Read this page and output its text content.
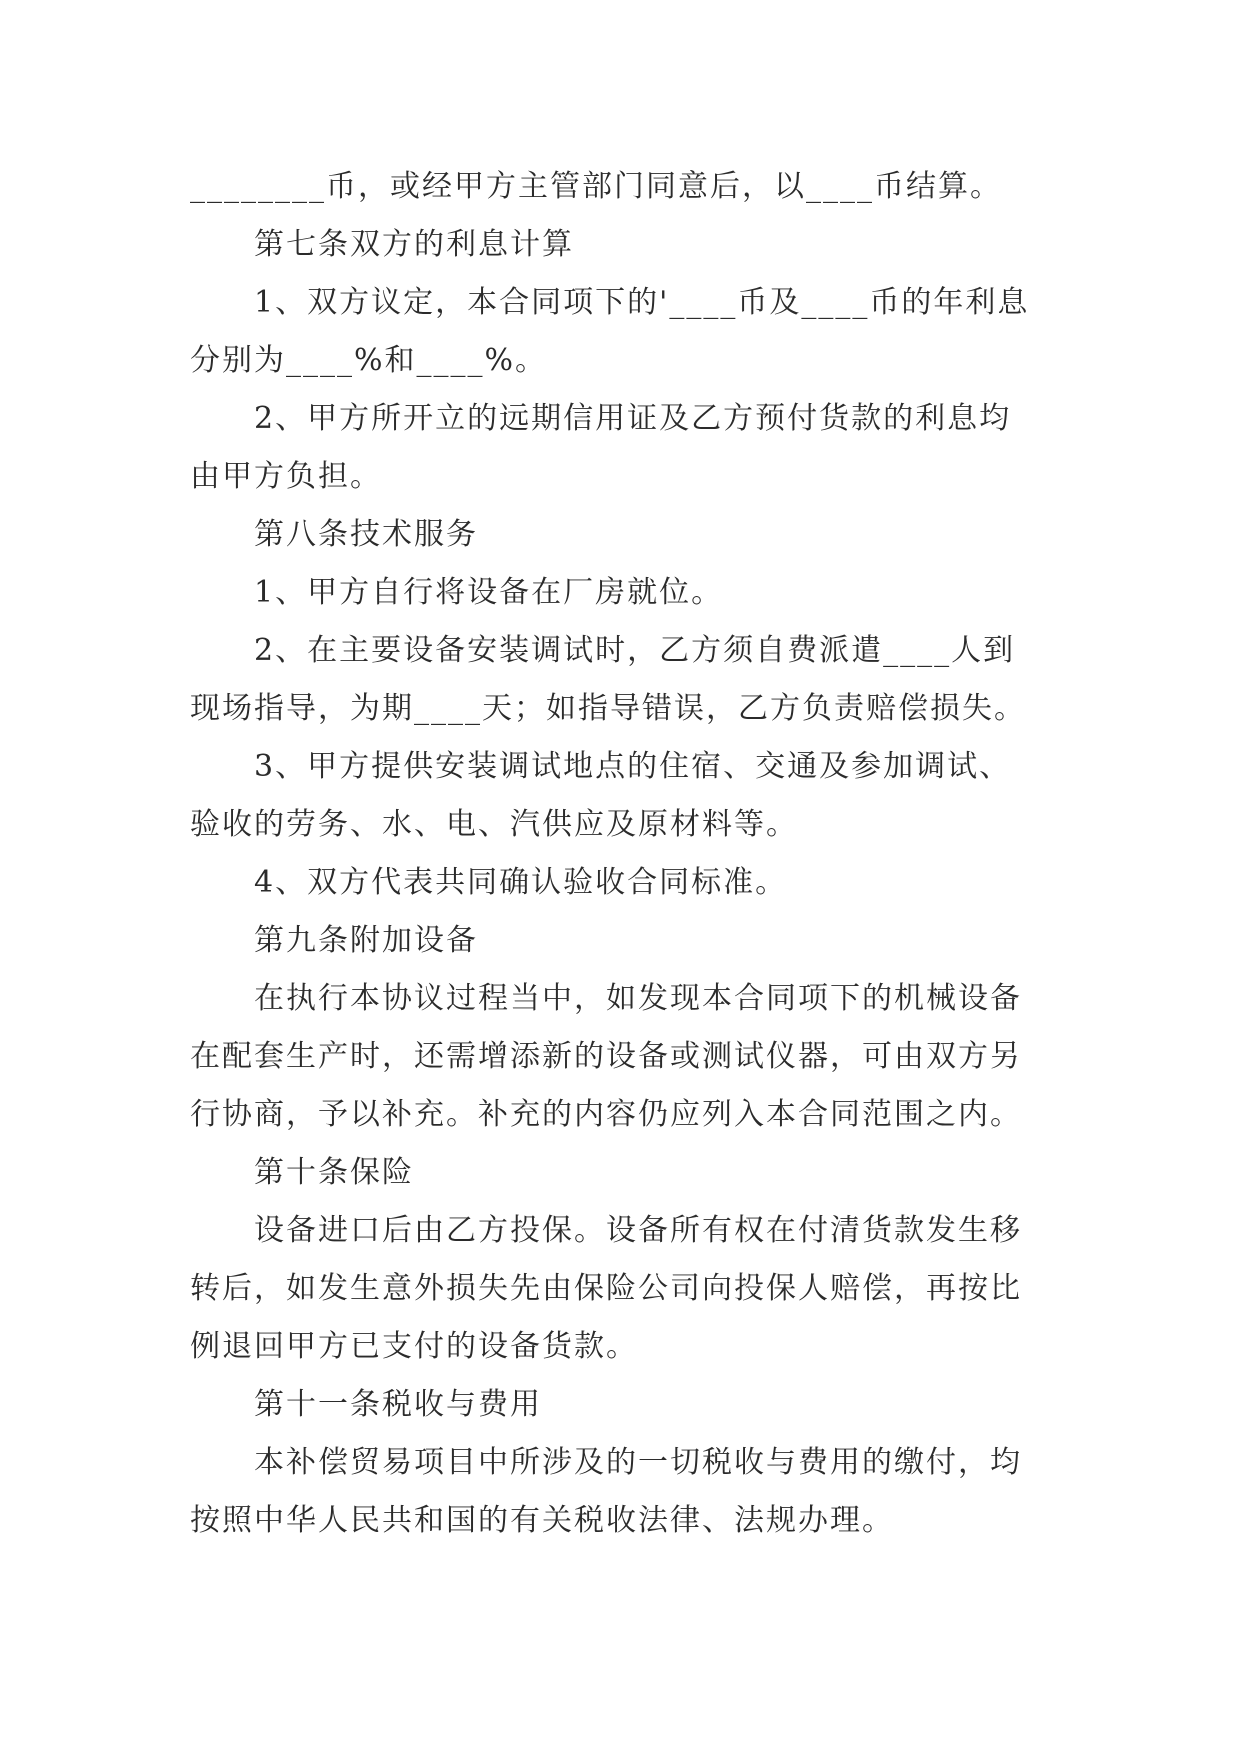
________币，或经甲方主管部门同意后，以____币结算。
第七条双方的利息计算
1、双方议定，本合同项下的'____币及____币的年利息
分别为____%和____%。
2、甲方所开立的远期信用证及乙方预付货款的利息均
由甲方负担。
第八条技术服务
1、甲方自行将设备在厂房就位。
2、在主要设备安装调试时，乙方须自费派遣____人到
现场指导，为期____天；如指导错误，乙方负责赔偿损失。
3、甲方提供安装调试地点的住宿、交通及参加调试、
验收的劳务、水、电、汽供应及原材料等。
4、双方代表共同确认验收合同标准。
第九条附加设备
在执行本协议过程当中，如发现本合同项下的机械设备
在配套生产时，还需增添新的设备或测试仪器，可由双方另
行协商，予以补充。补充的内容仍应列入本合同范围之内。
第十条保险
设备进口后由乙方投保。设备所有权在付清货款发生移
转后，如发生意外损失先由保险公司向投保人赔偿，再按比
例退回甲方已支付的设备货款。
第十一条税收与费用
本补偿贸易项目中所涉及的一切税收与费用的缴付，均
按照中华人民共和国的有关税收法律、法规办理。
